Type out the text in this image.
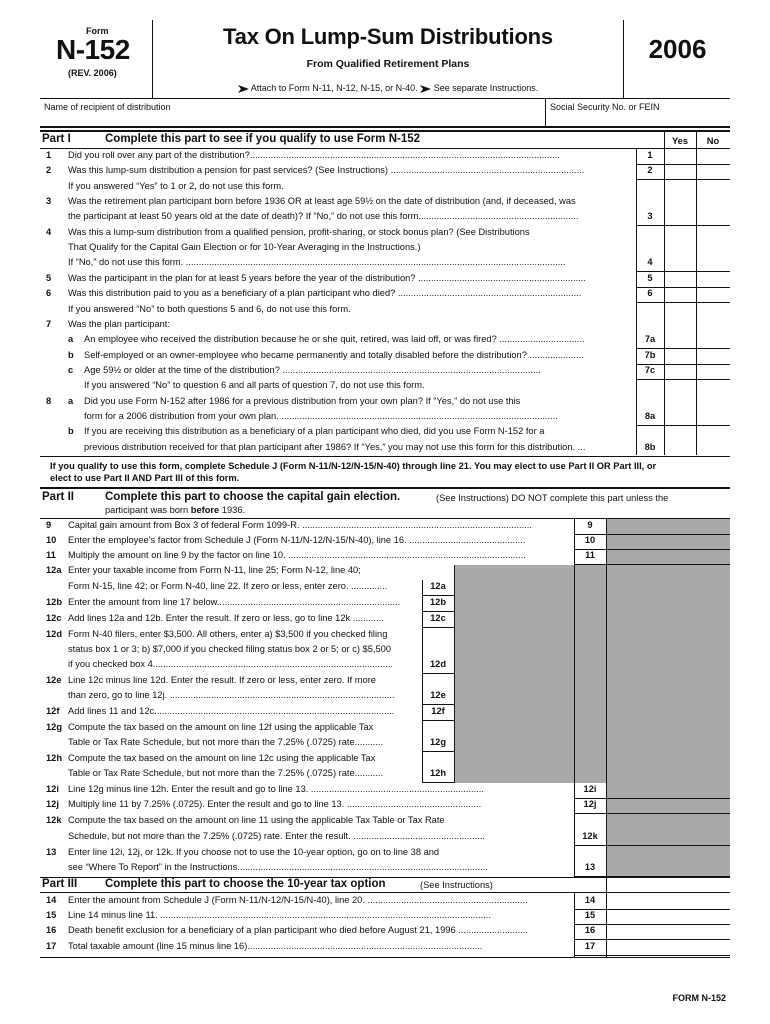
Form
N-152
(REV. 2006)
Tax On Lump-Sum Distributions
From Qualified Retirement Plans
Attach to Form N-11, N-12, N-15, or N-40. See separate Instructions.
2006
Name of recipient of distribution	Social Security No. or FEIN
Part I	Complete this part to see if you qualify to use Form N-152	Yes	No
1 Did you roll over any part of the distribution?........................................................................................................................	1
2 Was this lump-sum distribution a pension for past services? (See Instructions) ...........................................................................	2
If you answered “Yes” to 1 or 2, do not use this form.
3 Was the retirement plan participant born before 1936 OR at least age 59½ on the date of distribution (and, if deceased, was
the participant at least 50 years old at the date of death)? If “No,” do not use this form..............................................................	3
4 Was this a lump-sum distribution from a qualified pension, profit-sharing, or stock bonus plan? (See Distributions
That Qualify for the Capital Gain Election or for 10-Year Averaging in the Instructions.)
If “No,” do not use this form. ...................................................................................................................................................	4
5 Was the participant in the plan for at least 5 years before the year of the distribution? .................................................................	5
6 Was this distribution paid to you as a beneficiary of a plan participant who died? .......................................................................	6
If you answered “No” to both questions 5 and 6, do not use this form.
7 Was the plan participant:
a An employee who received the distribution because he or she quit, retired, was laid off, or was fired? .................................	7a
b Self-employed or an owner-employee who became permanently and totally disabled before the distribution? .....................	7b
c Age 59½ or older at the time of the distribution? ....................................................................................................	7c
If you answered “No” to question 6 and all parts of question 7, do not use this form.
8 a Did you use Form N-152 after 1986 for a previous distribution from your own plan? If “Yes,” do not use this
form for a 2006 distribution from your own plan. ...........................................................................................................	8a
b If you are receiving this distribution as a beneficiary of a plan participant who died, did you use Form N-152 for a
previous distribution received for that plan participant after 1986? If “Yes,” you may not use this form for this distribution. ...	8b
If you qualify to use this form, complete Schedule J (Form N-11/N-12/N-15/N-40) through line 21. You may elect to use Part II OR Part III, or
elect to use Part II AND Part III of this form.
Part II	Complete this part to choose the capital gain election.	(See Instructions) DO NOT complete this part unless the
participant was born before 1936.
9 Capital gain amount from Box 3 of federal Form 1099-R. .........................................................................................	9
10 Enter the employee’s factor from Schedule J (Form N-11/N-12/N-15/N-40), line 16. .............................................	10
11 Multiply the amount on line 9 by the factor on line 10. ............................................................................................	11
12a Enter your taxable income from Form N-11, line 25; Form N-12, line 40;
Form N-15, line 42; or Form N-40, line 22. If zero or less, enter zero. ..............	12a
12b Enter the amount from line 17 below.......................................................................	12b
12c Add lines 12a and 12b. Enter the result. If zero or less, go to line 12k ............	12c
12d Form N-40 filers, enter $3,500. All others, enter a) $3,500 if you checked filing
status box 1 or 3; b) $7,000 if you checked filing status box 2 or 5; or c) $5,500
if you checked box 4.............................................................................................	12d
12e Line 12c minus line 12d. Enter the result. If zero or less, enter zero. If more
than zero, go to line 12j. .......................................................................................	12e
12f Add lines 11 and 12c.............................................................................................	12f
12g Compute the tax based on the amount on line 12f using the applicable Tax
Table or Tax Rate Schedule, but not more than the 7.25% (.0725) rate...........	12g
12h Compute the tax based on the amount on line 12c using the applicable Tax
Table or Tax Rate Schedule, but not more than the 7.25% (.0725) rate...........	12h
12i Line 12g minus line 12h. Enter the result and go to line 13. ...................................................................	12i
12j Multiply line 11 by 7.25% (.0725). Enter the result and go to line 13. ....................................................	12j
12k Compute the tax based on the amount on line 11 using the applicable Tax Table or Tax Rate
Schedule, but not more than the 7.25% (.0725) rate. Enter the result. ...................................................	12k
13 Enter line 12i, 12j, or 12k. If you choose not to use the 10-year option, go on to line 38 and
see “Where To Report” in the Instructions.................................................................................................	13
Part III Complete this part to choose the 10-year tax option	(See Instructions)
14 Enter the amount from Schedule J (Form N-11/N-12/N-15/N-40), line 20. ..............................................................	14
15 Line 14 minus line 11. ................................................................................................................................	15
16 Death benefit exclusion for a beneficiary of a plan participant who died before August 21, 1996 ...........................	16
17 Total taxable amount (line 15 minus line 16)...........................................................................................	17
FORM N-152
